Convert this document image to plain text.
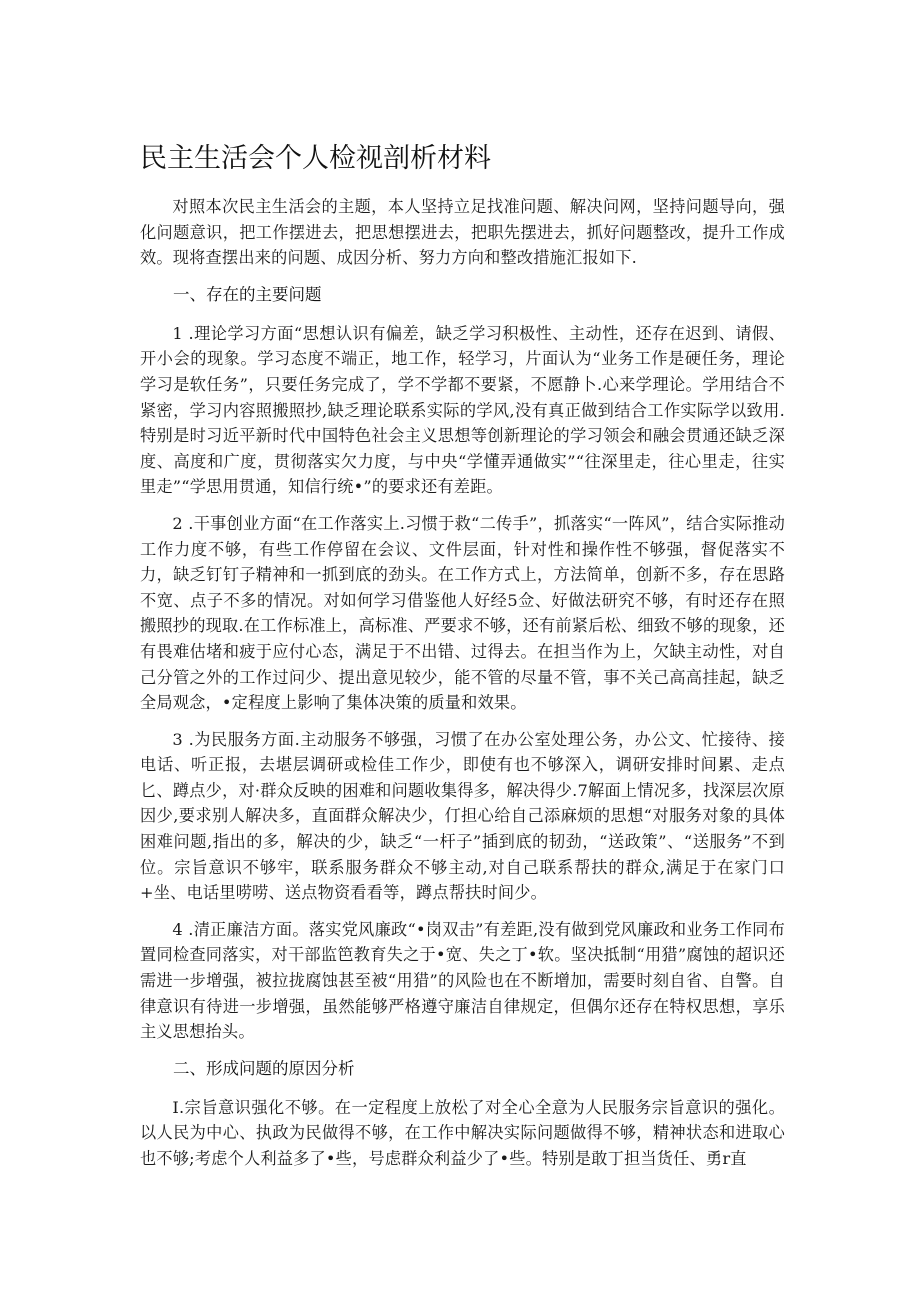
民主生活会个人检视剖析材料

对照本次民主生活会的主题，本人坚持立足找准问题、解决问网，坚持问题导向，强化问题意识，把工作摆进去，把思想摆进去，把职先摆进去，抓好问题整改，提升工作成效。现将查摆出来的问题、成因分析、努力方向和整改措施汇报如下.

一、存在的主要问题

1 .理论学习方面“思想认识有偏差，缺乏学习积极性、主动性，还存在迟到、请假、开小会的现象。学习态度不端正，地工作，轻学习，片面认为“业务工作是硬任务，理论学习是软任务”，只要任务完成了，学不学都不要紧，不愿静卜.心来学理论。学用结合不紧密，学习内容照搬照抄,缺乏理论联系实际的学风,没有真正做到结合工作实际学以致用.特别是时习近平新时代中国特色社会主义思想等创新理论的学习领会和融会贯通还缺乏深度、高度和广度，贯彻落实欠力度，与中央“学懂弄通做实”“往深里走，往心里走，往实里走”“学思用贯通，知信行统•”的要求还有差距。

2 .干事创业方面“在工作落实上.习惯于救“二传手”，抓落实“一阵风”，结合实际推动工作力度不够，有些工作停留在会议、文件层面，针对性和操作性不够强，督促落实不力，缺乏钉钉子精神和一抓到底的劲头。在工作方式上，方法简单，创新不多，存在思路不宽、点子不多的情况。对如何学习借鉴他人好经5佥、好做法研究不够，有时还存在照搬照抄的现取.在工作标准上，高标准、严要求不够，还有前紧后松、细致不够的现象，还有畏难估堵和疲于应付心态，满足于不出错、过得去。在担当作为上，欠缺主动性，对自己分管之外的工作过问少、提出意见较少，能不管的尽量不管，事不关己高高挂起，缺乏全局观念，•定程度上影响了集体决策的质量和效果。

3 .为民服务方面.主动服务不够强，习惯了在办公室处理公务，办公文、忙接待、接电话、听正报，去堪层调研或检佳工作少，即使有也不够深入，调研安排时间累、走点匕、蹲点少，对·群众反映的困难和问题收集得多，解决得少.7解面上情况多，找深层次原因少,要求别人解决多，直面群众解决少，仃担心给自己添麻烦的思想“对服务对象的具体困难问题,指出的多，解决的少，缺乏“一杆子”插到底的韧劲，“送政策”、“送服务”不到位。宗旨意识不够牢，联系服务群众不够主动,对自己联系帮扶的群众,满足于在家门口+坐、电话里唠唠、送点物资看看等，蹲点帮扶时间少。

4 .清正廉洁方面。落实党风廉政“•岗双击”有差距,没有做到党风廉政和业务工作同布置同检查同落实，对干部监笆教育失之于•宽、失之丁•软。坚决抵制“用猎”腐蚀的超识还需进一步增强，被拉拢腐蚀甚至被“用猎”的风险也在不断增加，需要时刻自省、自警。自律意识有待进一步增强，虽然能够严格遵守廉洁自律规定，但偶尔还存在特权思想，享乐主义思想抬头。

二、形成问题的原因分析

I.宗旨意识强化不够。在一定程度上放松了对全心全意为人民服务宗旨意识的强化。以人民为中心、执政为民做得不够，在工作中解决实际问题做得不够，精神状态和进取心也不够;考虑个人利益多了•些，号虑群众利益少了•些。特别是敢丁担当货任、勇r直
